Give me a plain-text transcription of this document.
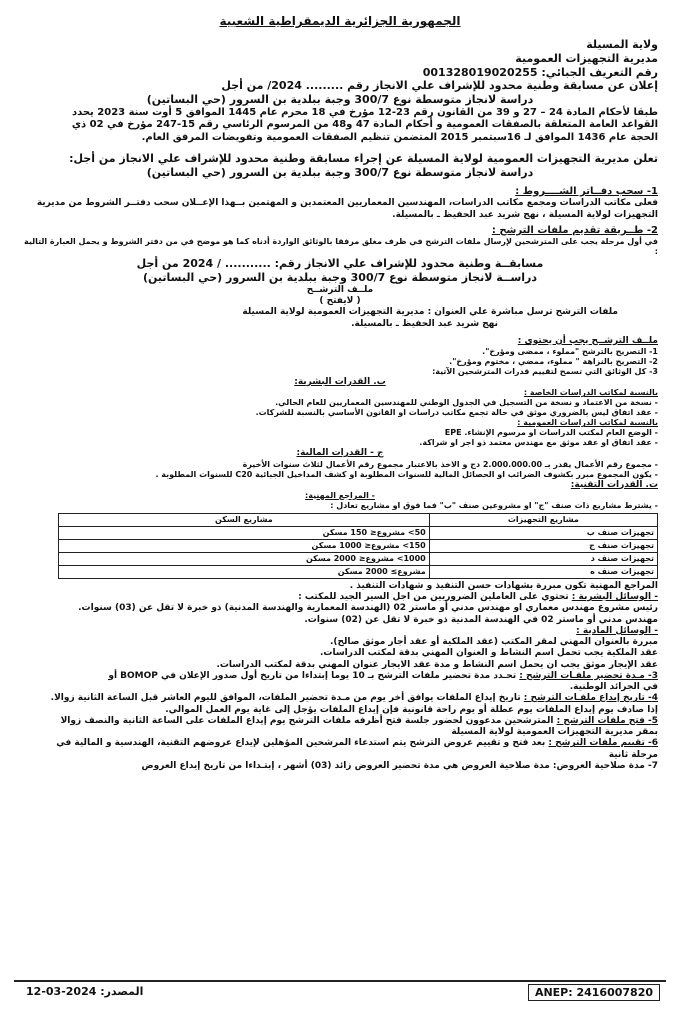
الجمهورية الجزائرية الديمقراطية الشعبية
ولاية المسيلة
مديرية التجهيزات العمومية
رقم التعريف الجبائي: 001328019020255
إعلان عن مسابقة وطنية محدود للإشراف علي الانجاز رقم ......... 2024/ من أجل
دراسة لانجاز متوسطة نوع 300/7 وجبة ببلدية بن السرور (حي البساتين)
طبقا لأحكام المادة 24 – 27 و 39 من القانون رقم 23-12 مؤرخ في 18 محرم عام 1445 الموافق 5 أوت سنة 2023 يحدد
القواعد العامة المتعلقة بالصفقات العمومية و أحكام المادة 47 و48 من المرسوم الرئاسي رقم 15-247 مؤرخ في 02 ذي
الحجة عام 1436 الموافق لـ 16سبتمبر 2015 المتضمن تنظيم الصفقات العمومية وتفويضات المرفق العام.
تعلن مديرية التجهيزات العمومية لولاية المسيلة عن إجراء مسابقة وطنية محدود للإشراف علي الانجاز من أجل:
دراسة لانجاز متوسطة نوع 300/7 وجبة ببلدية بن السرور (حي البساتين)
1- سحب دفــاتر الشــــروط :
فعلى مكاتب الدراسات ومجمع مكاتب الدراسات، المهندسين المعماريين المعتمدين و المهتمين بــهذا الإعــلان سحب دفتــر الشروط من مديرية
التجهيزات لولاية المسيلة ، نهج شريد عبد الحفيظ ـ بالمسيلة.
2- طــريقة تقديم ملفات الترشح :
في أول مرحلة يجب على المترشحين لإرسال ملفات الترشح في ظرف مغلق مرفقا بالوثائق الواردة أدناه كما هو موضح في من دفتر الشروط و يحمل العبارة التالية :
مسابقــة وطنية محدود للإشراف علي الانجاز رقم: ........... / 2024 من أجل
دراســة لانجاز متوسطة نوع 300/7 وجبة ببلدية بن السرور (حي البساتين)
ملــف الترشــح
( لايفتح )
ملفات الترشح ترسل مباشرة علي العنوان : مديرية التجهيزات العمومية لولاية المسيلة
نهج شريد عبد الحفيظ ـ بالمسيلة.
ملــف الترشــح يجب أن يحتوي :
1- التصريح بالترشح "مملوء ، ممضى ومؤرخ".
2- التصريح بالنزاهة " مملوء، ممضي ، مختوم ومؤرخ".
3- كل الوثائق التي تسمح لتقييم قدرات المترشحين الآتية:
ب. القدرات البشرية:
بالنسبة لمكاتب الدراسات الخاصة :
- نسخة من الاعتماد و نسخة من التسجيل في الجدول الوطني للمهندسين المعماريين للعام الحالي.
- عقد اتفاق ليس بالضروري موثق في حالة تجمع مكاتب دراسات او القانون الأساسي بالنسبة للشركات.
بالنسبة لمكاتب الدراسات العمومية :
- الوضع العام لمكتب الدراسات او مرسوم الإنشاء. EPE
- عقد اتفاق او عقد موثق مع مهندس معتمد ذو اجر او شراكة.
ج - القدرات المالية:
- مجموع رقم الأعمال يقدر بـ 2.000.000.00 دج و الاخذ بالاعتبار مجموع رقم الأعمال لثلاث سنوات الأخيرة
- يكون المجموع مبرر بكشوف الضرائب او الحصائل المالية للسنوات المطلوبة او كشف المداخيل الجبائية C20 للسنوات المطلوبة .
ت. القدرات التقنية:
- المراجع المهنية:
- يشترط مشاريع ذات صنف "ج" او مشروعين صنف "ب" فما فوق او مشاريع تعادل :
مشاريع التجهيزات	مشاريع السكن
تجهيزات صنف ب	50> مشروع≤ 150 مسكن
تجهيزات صنف ج	150> مشروع≤ 1000 مسكن
تجهيزات صنف د	1000> مشروع≤ 2000 مسكن
تجهيزات صنف ه	مشروع≥ 2000 مسكن
المراجع المهنية تكون مبررة بشهادات حسن التنفيذ و شهادات التنفيذ .
- الوسائل البشرية : تحتوي على العاملين الضروريين من اجل السير الجيد للمكتب :
رئيس مشروع مهندس معماري او مهندس مدني أو ماستر 02 (الهندسة المعمارية والهندسة المدنية) ذو خبرة لا تقل عن (03) سنوات.
مهندس مدني أو ماستر 02 في الهندسة المدنية ذو خبرة لا تقل عن (02) سنوات.
- الوسائل المادية :
مبررة بالعنوان المهني لمقر المكتب (عقد الملكية أو عقد أجار موثق صالح).
عقد الملكية يجب تحمل اسم النشاط و العنوان المهني بدقة لمكتب الدراسات.
عقد الإيجار موثق يجب ان يحمل اسم النشاط و مدة عقد الايجار عنوان المهني بدقة لمكتب الدراسات.
3- مـدة تحضير ملفـات الترشح : تحـدد مدة تحضير ملفات الترشح بـ 10 يوما إبتداءا من تاريخ أول صدور الإعلان في BOMOP أو
في الجرائد الوطنية.
4- تاريخ إيداع ملفـات الترشح : تاريخ إيداع الملفات يوافق أخر يوم من مـدة تحضير الملفات، الموافق لليوم العاشر قبل الساعة الثانية زوالا.
إذا صادف يوم إيداع الملفات يوم عطلة أو يوم راحة قانونية فإن إيداع الملفات يؤجل إلى غاية يوم العمل الموالي.
5- فتح ملفات الترشح : المترشحين مدعوون لحضور جلسة فتح أظرفه ملفات الترشح يوم إيداع الملفات على الساعة الثانية والنصف زوالا
بمقر مديرية التجهيزات العمومية لولاية المسيلة
6- تقييم ملفات الترشح : بعد فتح و تقييم عروض الترشح يتم استدعاء المرشحين المؤهلين لإيداع عروضهم التقنية، الهندسية و المالية في
مرحلة ثانية
7- مدة صلاحية العروض: مدة صلاحية العروض هي مدة تحضير العروض زائد (03) أشهر ، إبتـداءا من تاريخ إيداع العروض
ANEP: 2416007820
المصدر: 2024-03-12
